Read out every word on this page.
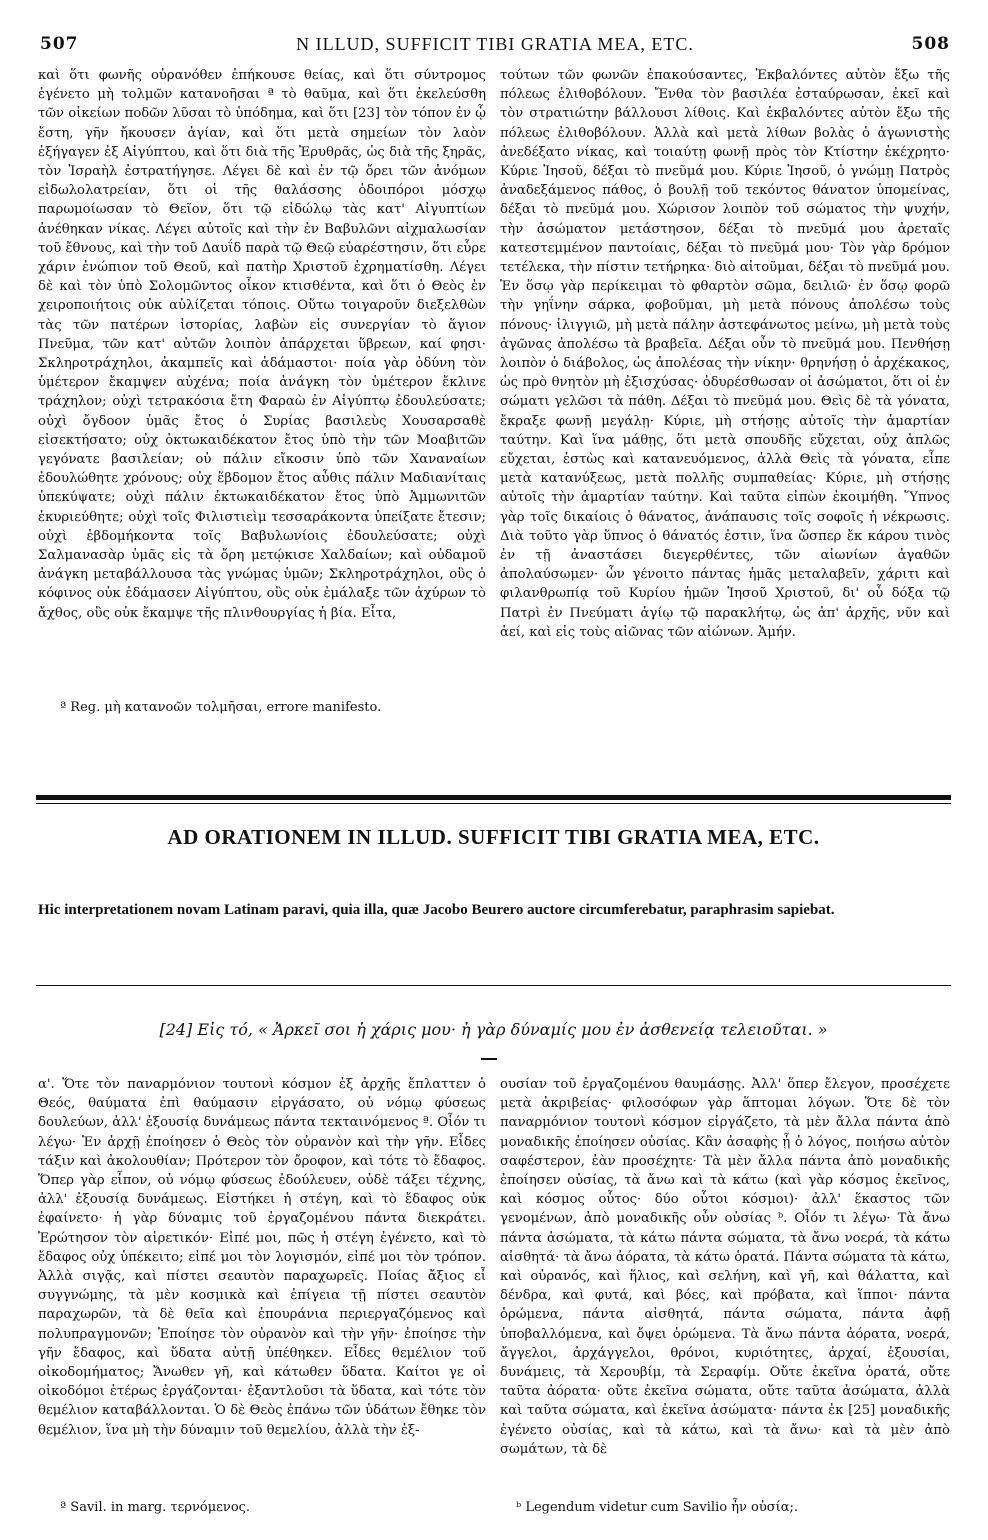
507	N ILLUD, SUFFICIT TIBI GRATIA MEA, ETC.	508

καὶ ὅτι φωνῆς οὐρανόθεν ἐπήκουσε θείας, καὶ ὅτι σύντρομος ἐγένετο μὴ τολμῶν κατανοῆσαι ª τὸ θαῦμα, καὶ ὅτι ἐκελεύσθη τῶν οἰκείων ποδῶν λῦσαι τὸ ὑπόδημα, καὶ ὅτι [23] τὸν τόπον ἐν ᾧ ἔστη, γῆν ἤκουσεν ἁγίαν, καὶ ὅτι μετὰ σημείων τὸν λαὸν ἐξήγαγεν ἐξ Αἰγύπτου, καὶ ὅτι διὰ τῆς Ἐρυθρᾶς, ὡς διὰ τῆς ξηρᾶς, τὸν Ἰσραὴλ ἐστρατήγησε. Λέγει δὲ καὶ ἐν τῷ ὄρει τῶν ἀνόμων εἰδωλολατρείαν, ὅτι οἱ τῆς θαλάσσης ὁδοιπόροι μόσχῳ παρωμοίωσαν τὸ Θεῖον, ὅτι τῷ εἰδώλῳ τὰς κατ' Αἰγυπτίων ἀνέθηκαν νίκας. Λέγει αὐτοῖς καὶ τὴν ἐν Βαβυλῶνι αἰχμαλωσίαν τοῦ ἔθνους, καὶ τὴν τοῦ Δαυΐδ παρὰ τῷ Θεῷ εὐαρέστησιν, ὅτι εὗρε χάριν ἐνώπιον τοῦ Θεοῦ, καὶ πατὴρ Χριστοῦ ἐχρηματίσθη. Λέγει δὲ καὶ τὸν ὑπὸ Σολομῶντος οἶκον κτισθέντα, καὶ ὅτι ὁ Θεὸς ἐν χειροποιήτοις οὐκ αὐλίζεται τόποις. Οὕτω τοιγαροῦν διεξελθὼν τὰς τῶν πατέρων ἱστορίας, λαβὼν εἰς συνεργίαν τὸ ἅγιον Πνεῦμα, τῶν κατ' αὐτῶν λοιπὸν ἀπάρχεται ὕβρεων, καί φησι· Σκληροτράχηλοι, ἀκαμπεῖς καὶ ἀδάμαστοι· ποία γὰρ ὀδύνη τὸν ὑμέτερον ἔκαμψεν αὐχένα; ποία ἀνάγκη τὸν ὑμέτερον ἔκλινε τράχηλον; οὐχὶ τετρακόσια ἔτη Φαραὼ ἐν Αἰγύπτῳ ἐδουλεύσατε; οὐχὶ ὄγδοον ὑμᾶς ἔτος ὁ Συρίας βασιλεὺς Χουσαρσαθὲ εἰσεκτήσατο; οὐχ ὀκτωκαιδέκατον ἔτος ὑπὸ τὴν τῶν Μοαβιτῶν γεγόνατε βασιλείαν; οὐ πάλιν εἴκοσιν ὑπὸ τῶν Χαναναίων ἐδουλώθητε χρόνους; οὐχ ἕβδομον ἔτος αὖθις πάλιν Μαδιανίταις ὑπεκύψατε; οὐχὶ πάλιν ἐκτωκαιδέκατον ἔτος ὑπὸ Ἀμμωνιτῶν ἐκυριεύθητε; οὐχὶ τοῖς Φιλιστιεὶμ τεσσαράκοντα ὑπείξατε ἔτεσιν; οὐχὶ ἑβδομήκοντα τοῖς Βαβυλωνίοις ἐδουλεύσατε; οὐχὶ Σαλμανασὰρ ὑμᾶς εἰς τὰ ὄρη μετῴκισε Χαλδαίων; καὶ οὐδαμοῦ ἀνάγκη μεταβάλλουσα τὰς γνώμας ὑμῶν; Σκληροτράχηλοι, οὓς ὁ κόφινος οὐκ ἐδάμασεν Αἰγύπτου, οὓς οὐκ ἐμάλαξε τῶν ἀχύρων τὸ ἄχθος, οὓς οὐκ ἔκαμψε τῆς πλινθουργίας ἡ βία. Εἶτα,

τούτων τῶν φωνῶν ἐπακούσαντες, Ἐκβαλόντες αὐτὸν ἔξω τῆς πόλεως ἐλιθοβόλουν. Ἔνθα τὸν βασιλέα ἐσταύρωσαν, ἐκεῖ καὶ τὸν στρατιώτην βάλλουσι λίθοις. Καὶ ἐκβαλόντες αὐτὸν ἔξω τῆς πόλεως ἐλιθοβόλουν. Ἀλλὰ καὶ μετὰ λίθων βολὰς ὁ ἀγωνιστὴς ἀνεδέξατο νίκας, καὶ τοιαύτῃ φωνῇ πρὸς τὸν Κτίστην ἐκέχρητο· Κύριε Ἰησοῦ, δέξαι τὸ πνεῦμά μου. Κύριε Ἰησοῦ, ὁ γνώμῃ Πατρὸς ἀναδεξάμενος πάθος, ὁ βουλῇ τοῦ τεκόντος θάνατον ὑπομείνας, δέξαι τὸ πνεῦμά μου. Χώρισον λοιπὸν τοῦ σώματος τὴν ψυχήν, τὴν ἀσώματον μετάστησον, δέξαι τὸ πνεῦμά μου ἀρεταῖς κατεστεμμένον παντοίαις, δέξαι τὸ πνεῦμά μου· Τὸν γὰρ δρόμον τετέλεκα, τὴν πίστιν τετήρηκα· διὸ αἰτοῦμαι, δέξαι τὸ πνεῦμά μου. Ἐν ὅσῳ γὰρ περίκειμαι τὸ φθαρτὸν σῶμα, δειλιῶ· ἐν ὅσῳ φορῶ τὴν γηΐνην σάρκα, φοβοῦμαι, μὴ μετὰ πόνους ἀπολέσω τοὺς πόνους· ἰλιγγιῶ, μὴ μετὰ πάλην ἀστεφάνωτος μείνω, μὴ μετὰ τοὺς ἀγῶνας ἀπολέσω τὰ βραβεῖα. Δέξαι οὖν τὸ πνεῦμά μου. Πενθήσῃ λοιπὸν ὁ διάβολος, ὡς ἀπολέσας τὴν νίκην· θρηνήσῃ ὁ ἀρχέκακος, ὡς πρὸ θνητὸν μὴ ἐξισχύσας· ὀδυρέσθωσαν οἱ ἀσώματοι, ὅτι οἱ ἐν σώματι γελῶσι τὰ πάθη. Δέξαι τὸ πνεῦμά μου. Θεὶς δὲ τὰ γόνατα, ἔκραξε φωνῇ μεγάλῃ· Κύριε, μὴ στήσῃς αὐτοῖς τὴν ἁμαρτίαν ταύτην. Καὶ ἵνα μάθῃς, ὅτι μετὰ σπουδῆς εὔχεται, οὐχ ἁπλῶς εὔχεται, ἑστὼς καὶ κατανευόμενος, ἀλλὰ Θεὶς τὰ γόνατα, εἶπε μετὰ κατανύξεως, μετὰ πολλῆς συμπαθείας· Κύριε, μὴ στήσῃς αὐτοῖς τὴν ἁμαρτίαν ταύτην. Καὶ ταῦτα εἰπὼν ἐκοιμήθη. Ὕπνος γὰρ τοῖς δικαίοις ὁ θάνατος, ἀνάπαυσις τοῖς σοφοῖς ἡ νέκρωσις. Διὰ τοῦτο γὰρ ὕπνος ὁ θάνατός ἐστιν, ἵνα ὥσπερ ἔκ κάρου τινὸς ἐν τῇ ἀναστάσει διεγερθέντες, τῶν αἰωνίων ἀγαθῶν ἀπολαύσωμεν· ὧν γένοιτο πάντας ἡμᾶς μεταλαβεῖν, χάριτι καὶ φιλανθρωπίᾳ τοῦ Κυρίου ἡμῶν Ἰησοῦ Χριστοῦ, δι' οὗ δόξα τῷ Πατρὶ ἐν Πνεύματι ἁγίῳ τῷ παρακλήτῳ, ὡς ἀπ' ἀρχῆς, νῦν καὶ ἀεί, καὶ εἰς τοὺς αἰῶνας τῶν αἰώνων. Ἀμήν.

ª Reg. μὴ κατανοῶν τολμῆσαι, errore manifesto.
AD ORATIONEM IN ILLUD. SUFFICIT TIBI GRATIA MEA, ETC.
Hic interpretationem novam Latinam paravi, quia illa, quæ Jacobo Beurero auctore circumferebatur, paraphrasim sapiebat.
[24] Εἰς τό, « Ἀρκεῖ σοι ἡ χάρις μου· ἡ γὰρ δύναμίς μου ἐν ἀσθενείᾳ τελειοῦται. »

α'. Ὅτε τὸν παναρμόνιον τουτονὶ κόσμον ἐξ ἀρχῆς ἔπλαττεν ὁ Θεός, θαύματα ἐπὶ θαύμασιν εἰργάσατο, οὐ νόμῳ φύσεως δουλεύων, ἀλλ' ἐξουσίᾳ δυνάμεως πάντα τεκταινόμενος ª. Οἷόν τι λέγω· Ἐν ἀρχῇ ἐποίησεν ὁ Θεὸς τὸν οὐρανὸν καὶ τὴν γῆν. Εἶδες τάξιν καὶ ἀκολουθίαν; Πρότερον τὸν ὄροφον, καὶ τότε τὸ ἔδαφος. Ὅπερ γὰρ εἶπον, οὐ νόμῳ φύσεως ἐδούλευεν, οὐδὲ τάξει τέχνης, ἀλλ' ἐξουσίᾳ δυνάμεως. Εἰστήκει ἡ στέγη, καὶ τὸ ἔδαφος οὐκ ἐφαίνετο· ἡ γὰρ δύναμις τοῦ ἐργαζομένου πάντα διεκράτει. Ἐρώτησον τὸν αἱρετικόν· Εἰπέ μοι, πῶς ἡ στέγη ἐγένετο, καὶ τὸ ἔδαφος οὐχ ὑπέκειτο; εἰπέ μοι τὸν λογισμόν, εἰπέ μοι τὸν τρόπον. Ἀλλὰ σιγᾷς, καὶ πίστει σεαυτὸν παραχωρεῖς. Ποίας ἄξιος εἶ συγγνώμης, τὰ μὲν κοσμικὰ καὶ ἐπίγεια τῇ πίστει σεαυτὸν παραχωρῶν, τὰ δὲ θεῖα καὶ ἐπουράνια περιεργαζόμενος καὶ πολυπραγμονῶν; Ἐποίησε τὸν οὐρανὸν καὶ τὴν γῆν· ἐποίησε τὴν γῆν ἔδαφος, καὶ ὕδατα αὐτῇ ὑπέθηκεν. Εἶδες θεμέλιον τοῦ οἰκοδομήματος; Ἄνωθεν γῆ, καὶ κάτωθεν ὕδατα. Καίτοι γε οἱ οἰκοδόμοι ἑτέρως ἐργάζονται· ἐξαντλοῦσι τὰ ὕδατα, καὶ τότε τὸν θεμέλιον καταβάλλονται. Ὁ δὲ Θεὸς ἐπάνω τῶν ὑδάτων ἔθηκε τὸν θεμέλιον, ἵνα μὴ τὴν δύναμιν τοῦ θεμελίου, ἀλλὰ τὴν ἐξ-

ουσίαν τοῦ ἐργαζομένου θαυμάσῃς. Ἀλλ' ὅπερ ἔλεγον, προσέχετε μετὰ ἀκριβείας· φιλοσόφων γὰρ ἅπτομαι λόγων. Ὅτε δὲ τὸν παναρμόνιον τουτονὶ κόσμον εἰργάζετο, τὰ μὲν ἄλλα πάντα ἀπὸ μοναδικῆς ἐποίησεν οὐσίας. Κἂν ἀσαφὴς ᾖ ὁ λόγος, ποιήσω αὐτὸν σαφέστερον, ἐὰν προσέχητε· Τὰ μὲν ἄλλα πάντα ἀπὸ μοναδικῆς ἐποίησεν οὐσίας, τὰ ἄνω καὶ τὰ κάτω (καὶ γὰρ κόσμος ἐκεῖνος, καὶ κόσμος οὗτος· δύο οὗτοι κόσμοι)· ἀλλ' ἕκαστος τῶν γενομένων, ἀπὸ μοναδικῆς οὖν οὐσίας ᵇ. Οἷόν τι λέγω· Τὰ ἄνω πάντα ἀσώματα, τὰ κάτω πάντα σώματα, τὰ ἄνω νοερά, τὰ κάτω αἰσθητά· τὰ ἄνω ἀόρατα, τὰ κάτω ὁρατά. Πάντα σώματα τὰ κάτω, καὶ οὐρανός, καὶ ἥλιος, καὶ σελήνη, καὶ γῆ, καὶ θάλαττα, καὶ δένδρα, καὶ φυτά, καὶ βόες, καὶ πρόβατα, καὶ ἵπποι· πάντα ὁρώμενα, πάντα αἰσθητά, πάντα σώματα, πάντα ἀφῇ ὑποβαλλόμενα, καὶ ὄψει ὁρώμενα. Τὰ ἄνω πάντα ἀόρατα, νοερά, ἄγγελοι, ἀρχάγγελοι, θρόνοι, κυριότητες, ἀρχαί, ἐξουσίαι, δυνάμεις, τὰ Χερουβίμ, τὰ Σεραφίμ. Οὔτε ἐκεῖνα ὁρατά, οὔτε ταῦτα ἀόρατα· οὔτε ἐκεῖνα σώματα, οὔτε ταῦτα ἀσώματα, ἀλλὰ καὶ ταῦτα σώματα, καὶ ἐκεῖνα ἀσώματα· πάντα ἐκ [25] μοναδικῆς ἐγένετο οὐσίας, καὶ τὰ κάτω, καὶ τὰ ἄνω· καὶ τὰ μὲν ἀπὸ σωμάτων, τὰ δὲ

ª Savil. in marg. τερνόμενος.	ᵇ Legendum videtur cum Savilio ἦν οὐσία;.
